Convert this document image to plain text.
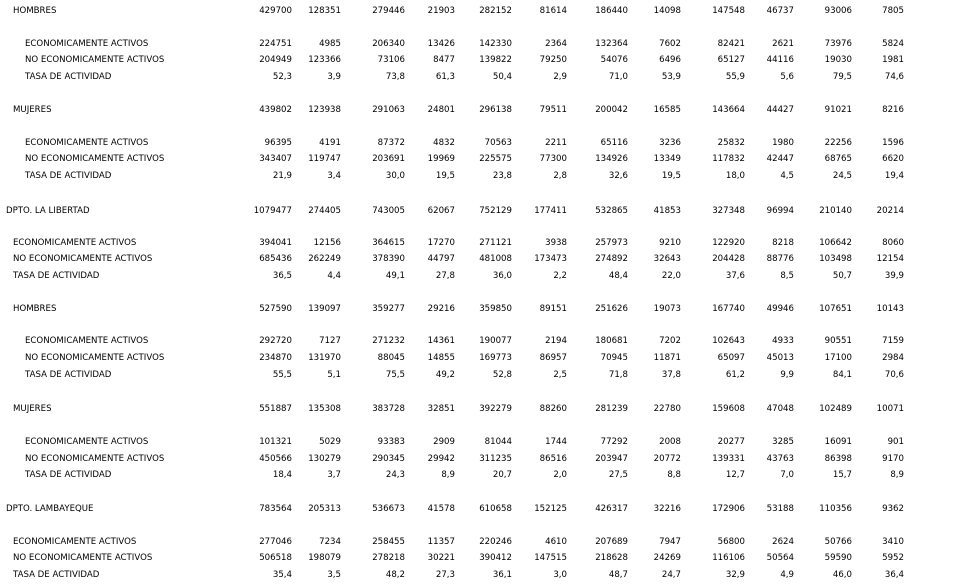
HOMBRES	429700	128351	279446	21903	282152	81614	186440	14098	147548	46737	93006	7805
ECONOMICAMENTE ACTIVOS	224751	4985	206340	13426	142330	2364	132364	7602	82421	2621	73976	5824
NO ECONOMICAMENTE ACTIVOS	204949	123366	73106	8477	139822	79250	54076	6496	65127	44116	19030	1981
TASA DE ACTIVIDAD	52,3	3,9	73,8	61,3	50,4	2,9	71,0	53,9	55,9	5,6	79,5	74,6
MUJERES	439802	123938	291063	24801	296138	79511	200042	16585	143664	44427	91021	8216
ECONOMICAMENTE ACTIVOS	96395	4191	87372	4832	70563	2211	65116	3236	25832	1980	22256	1596
NO ECONOMICAMENTE ACTIVOS	343407	119747	203691	19969	225575	77300	134926	13349	117832	42447	68765	6620
TASA DE ACTIVIDAD	21,9	3,4	30,0	19,5	23,8	2,8	32,6	19,5	18,0	4,5	24,5	19,4
DPTO. LA LIBERTAD	1079477	274405	743005	62067	752129	177411	532865	41853	327348	96994	210140	20214
ECONOMICAMENTE ACTIVOS	394041	12156	364615	17270	271121	3938	257973	9210	122920	8218	106642	8060
NO ECONOMICAMENTE ACTIVOS	685436	262249	378390	44797	481008	173473	274892	32643	204428	88776	103498	12154
TASA DE ACTIVIDAD	36,5	4,4	49,1	27,8	36,0	2,2	48,4	22,0	37,6	8,5	50,7	39,9
HOMBRES	527590	139097	359277	29216	359850	89151	251626	19073	167740	49946	107651	10143
ECONOMICAMENTE ACTIVOS	292720	7127	271232	14361	190077	2194	180681	7202	102643	4933	90551	7159
NO ECONOMICAMENTE ACTIVOS	234870	131970	88045	14855	169773	86957	70945	11871	65097	45013	17100	2984
TASA DE ACTIVIDAD	55,5	5,1	75,5	49,2	52,8	2,5	71,8	37,8	61,2	9,9	84,1	70,6
MUJERES	551887	135308	383728	32851	392279	88260	281239	22780	159608	47048	102489	10071
ECONOMICAMENTE ACTIVOS	101321	5029	93383	2909	81044	1744	77292	2008	20277	3285	16091	901
NO ECONOMICAMENTE ACTIVOS	450566	130279	290345	29942	311235	86516	203947	20772	139331	43763	86398	9170
TASA DE ACTIVIDAD	18,4	3,7	24,3	8,9	20,7	2,0	27,5	8,8	12,7	7,0	15,7	8,9
DPTO. LAMBAYEQUE	783564	205313	536673	41578	610658	152125	426317	32216	172906	53188	110356	9362
ECONOMICAMENTE ACTIVOS	277046	7234	258455	11357	220246	4610	207689	7947	56800	2624	50766	3410
NO ECONOMICAMENTE ACTIVOS	506518	198079	278218	30221	390412	147515	218628	24269	116106	50564	59590	5952
TASA DE ACTIVIDAD	35,4	3,5	48,2	27,3	36,1	3,0	48,7	24,7	32,9	4,9	46,0	36,4
